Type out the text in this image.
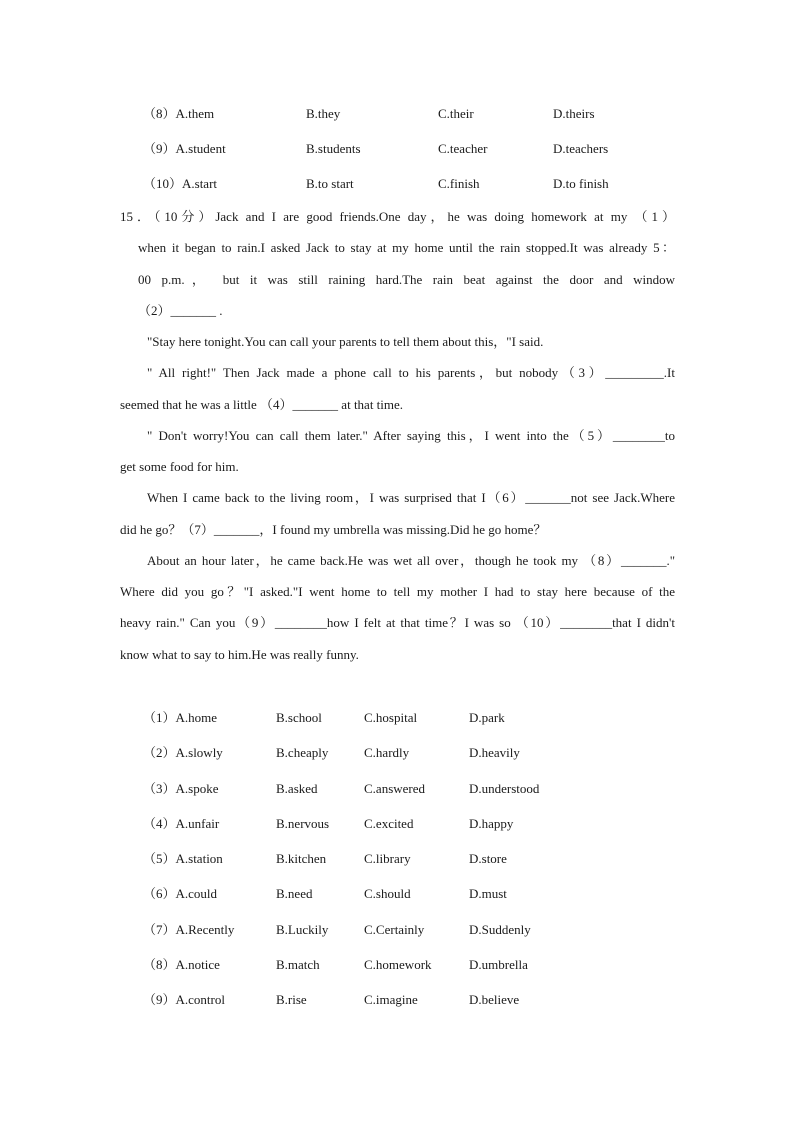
（8）A.them	B.they	C.their	D.theirs
（9）A.student	B.students	C.teacher	D.teachers
（10）A.start	B.to start	C.finish	D.to finish
15．（10分）Jack and I are good friends.One day，he was doing homework at my （1）
when it began to rain.I asked Jack to stay at my home until the rain stopped.It was already 5：
00 p.m.， but it was still raining hard.The rain beat against the door and window
（2）_______ .
"Stay here tonight.You can call your parents to tell them about this，"I said.
" All right!" Then Jack made a phone call to his parents，but nobody（3）_________.It
seemed that he was a little （4）_______ at that time.
" Don't worry!You can call them later." After saying this，I went into the（5）________to
get some food for him.
When I came back to the living room，I was surprised that I（6）_______not see Jack.Where
did he go？（7）_______，I found my umbrella was missing.Did he go home？
About an hour later，he came back.He was wet all over，though he took my （8）_______."
Where did you go？"I asked."I went home to tell my mother I had to stay here because of the
heavy rain." Can you（9）________how I felt at that time？I was so （10）________that I didn't
know what to say to him.He was really funny.
（1）A.home	B.school	C.hospital	D.park
（2）A.slowly	B.cheaply	C.hardly	D.heavily
（3）A.spoke	B.asked	C.answered	D.understood
（4）A.unfair	B.nervous	C.excited	D.happy
（5）A.station	B.kitchen	C.library	D.store
（6）A.could	B.need	C.should	D.must
（7）A.Recently	B.Luckily	C.Certainly	D.Suddenly
（8）A.notice	B.match	C.homework	D.umbrella
（9）A.control	B.rise	C.imagine	D.believe
